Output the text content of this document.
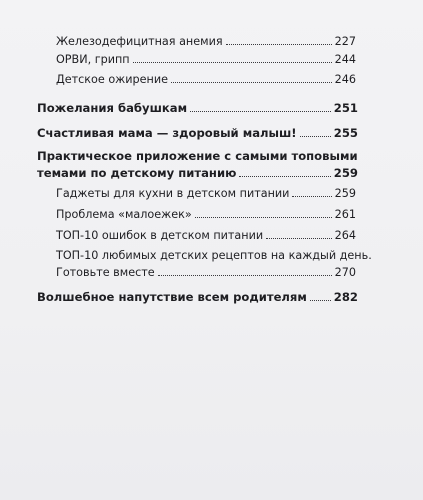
Железодефицитная анемия	227
ОРВИ, грипп	244
Детское ожирение	246
Пожелания бабушкам	251
Счастливая мама — здоровый малыш!	255
Практическое приложение с самыми топовыми
темами по детскому питанию	259
Гаджеты для кухни в детском питании	259
Проблема «малоежек»	261
ТОП-10 ошибок в детском питании	264
ТОП-10 любимых детских рецептов на каждый день.
Готовьте вместе	270
Волшебное напутствие всем родителям 282
